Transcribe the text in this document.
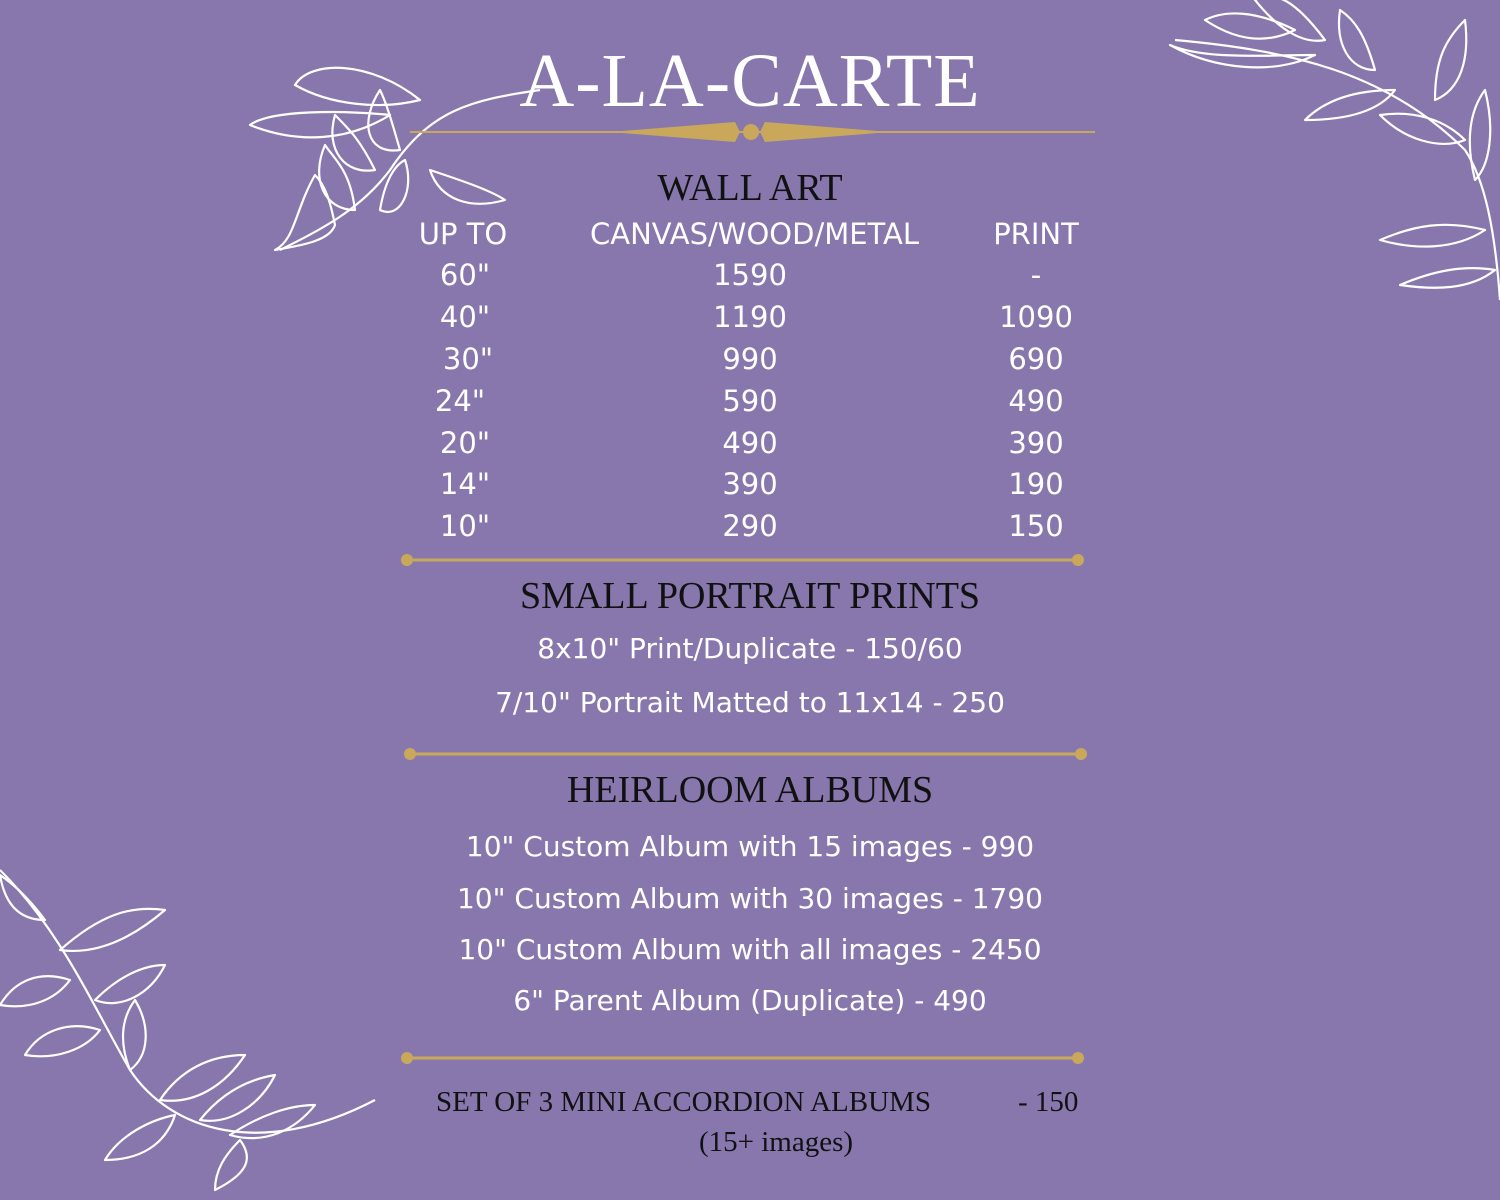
A-LA-CARTE
WALL ART
UP TO	CANVAS/WOOD/METAL	PRINT
60"	1590	-
40"	1190	1090
30"	990	690
24"	590	490
20"	490	390
14"	390	190
10"	290	150
SMALL PORTRAIT PRINTS
8x10" Print/Duplicate - 150/60
7/10" Portrait Matted to 11x14 - 250
HEIRLOOM ALBUMS
10" Custom Album with 15 images - 990
10" Custom Album with 30 images - 1790
10" Custom Album with all images - 2450
6" Parent Album (Duplicate) - 490
SET OF 3 MINI ACCORDION ALBUMS	- 150
(15+ images)
